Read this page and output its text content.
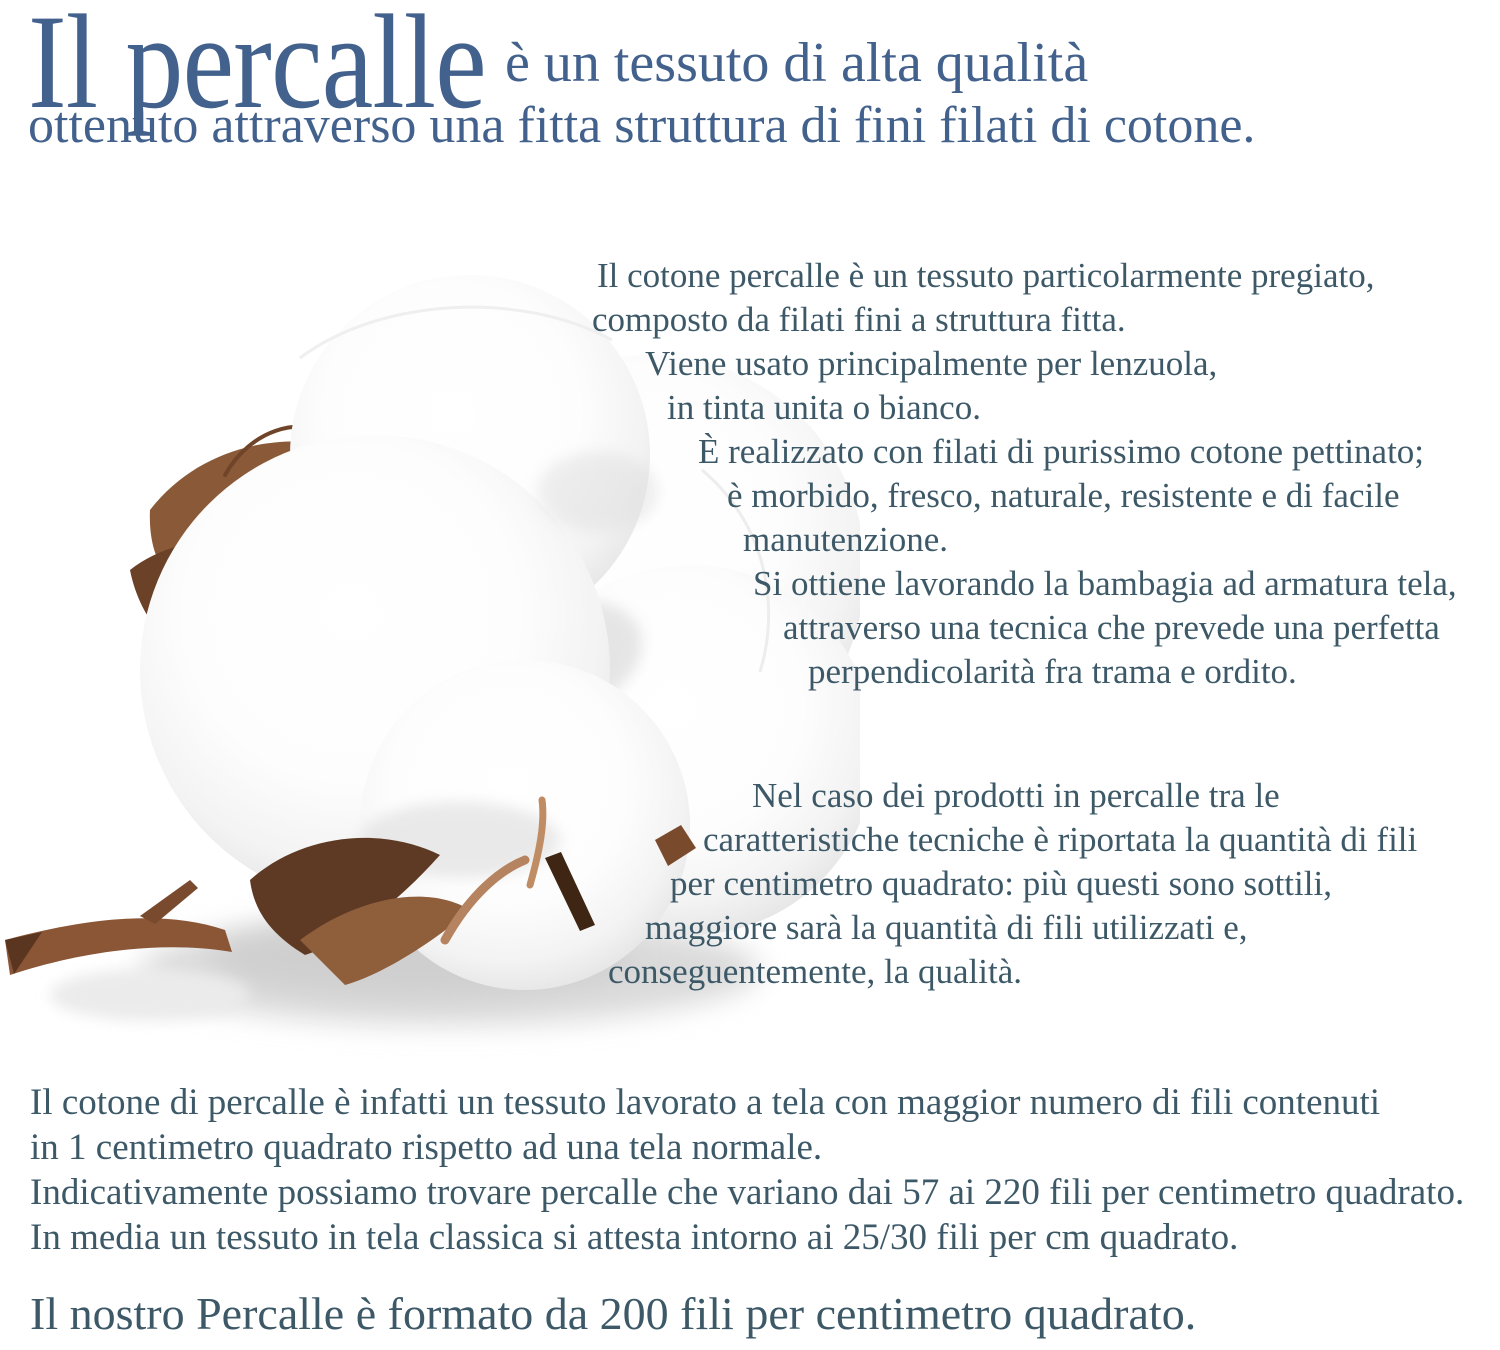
Il percalle è un tessuto di alta qualità
ottenuto attraverso una fitta struttura di fini filati di cotone.
Il cotone percalle è un tessuto particolarmente pregiato,
composto da filati fini a struttura fitta.
Viene usato principalmente per lenzuola,
in tinta unita o bianco.
È realizzato con filati di purissimo cotone pettinato;
è morbido, fresco, naturale, resistente e di facile
manutenzione.
Si ottiene lavorando la bambagia ad armatura tela,
attraverso una tecnica che prevede una perfetta
perpendicolarità fra trama e ordito.
Nel caso dei prodotti in percalle tra le
caratteristiche tecniche è riportata la quantità di fili
per centimetro quadrato: più questi sono sottili,
maggiore sarà la quantità di fili utilizzati e,
conseguentemente, la qualità.
Il cotone di percalle è infatti un tessuto lavorato a tela con maggior numero di fili contenuti
in 1 centimetro quadrato rispetto ad una tela normale.
Indicativamente possiamo trovare percalle che variano dai 57 ai 220 fili per centimetro quadrato.
In media un tessuto in tela classica si attesta intorno ai 25/30 fili per cm quadrato.
Il nostro Percalle è formato da 200 fili per centimetro quadrato.
